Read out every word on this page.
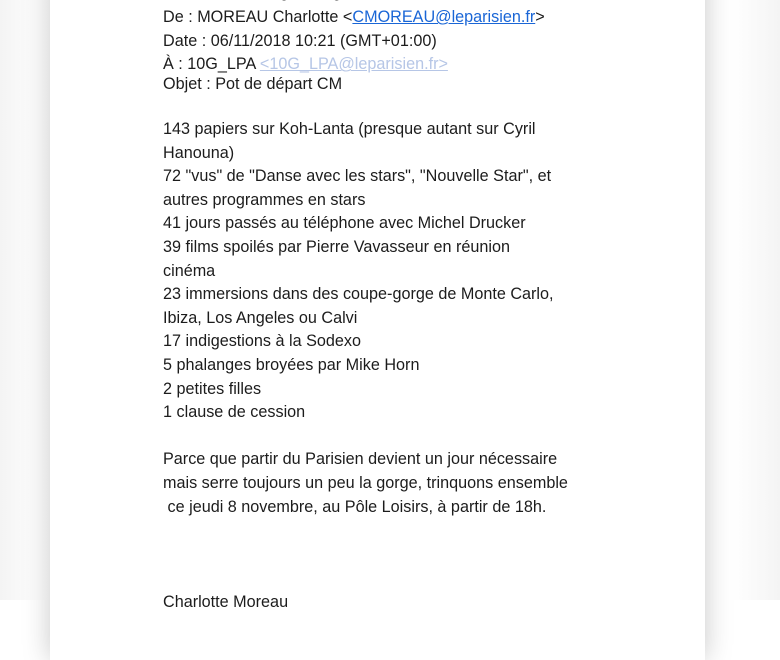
De : MOREAU Charlotte <CMOREAU@leparisien.fr>
Date : 06/11/2018 10:21 (GMT+01:00)
À : 10G_LPA <10G_LPA@leparisien.fr>
Objet : Pot de départ CM
143 papiers sur Koh-Lanta (presque autant sur Cyril Hanouna)
72 "vus" de "Danse avec les stars", "Nouvelle Star", et autres programmes en stars
41 jours passés au téléphone avec Michel Drucker
39 films spoilés par Pierre Vavasseur en réunion cinéma
23 immersions dans des coupe-gorge de Monte Carlo, Ibiza, Los Angeles ou Calvi
17 indigestions à la Sodexo
5 phalanges broyées par Mike Horn
2 petites filles
1 clause de cession
Parce que partir du Parisien devient un jour nécessaire mais serre toujours un peu la gorge, trinquons ensemble
ce jeudi 8 novembre, au Pôle Loisirs, à partir de 18h.
Charlotte Moreau
